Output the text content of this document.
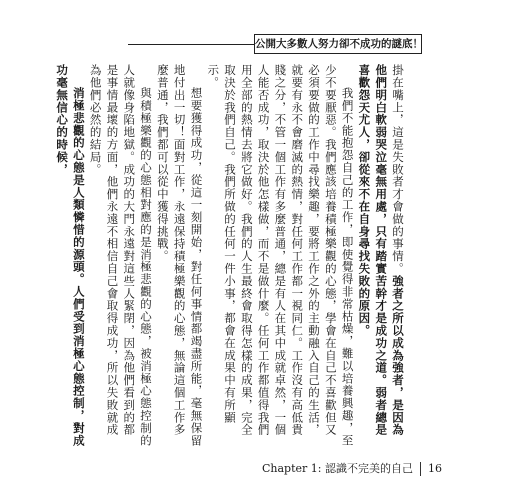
公開大多數人努力卻不成功的謎底！

掛在嘴上，這是失敗者才會做的事情。強者之所以成為強者，是因為他們明白軟弱哭泣毫無用處，只有踏實苦幹才是成功之道。弱者總是喜歡怨天尤人，卻從來不在自身尋找失敗的原因。

我們不能抱怨自己的工作，即使覺得非常枯燥，難以培養興趣，至少不要厭惡。我們應該培養積極樂觀的心態，學會在自己不喜歡但又必須要做的工作中尋找樂趣，要將工作之外的主動融入自己的生活，就要有永不會磨滅的熱情，對任何工作都一視同仁。工作沒有高低貴賤之分，不管一個工作有多麼普通，總是有人在其中成就卓然，一個人能否成功，取決於他怎樣做，而不是做什麼。任何工作都值得我們用全部的熱情去將它做好。我們的人生最終會取得怎樣的成果，完全取決於我們自己。我們所做的任何一件小事，都會在成果中有所顯示。

想要獲得成功，從這一刻開始，對任何事情都竭盡所能，毫無保留地付出一切！面對工作，永遠保持積極樂觀的心態，無論這個工作多麼普通，我們都可以從中獲得挑戰。

與積極樂觀的心態相對應的是消極悲觀的心態，被消極心態控制的人就像身陷地獄。成功的大門永遠對這些人緊閉，因為他們看到的都是事情最壞的方面，他們永遠不相信自己會取得成功，所以失敗就成為他們必然的結局。

消極悲觀的心態是人類憐惜的源頭。人們受到消極心態控制，對成功毫無信心的時候，

Chapter 1: 認識不完美的自己 16
